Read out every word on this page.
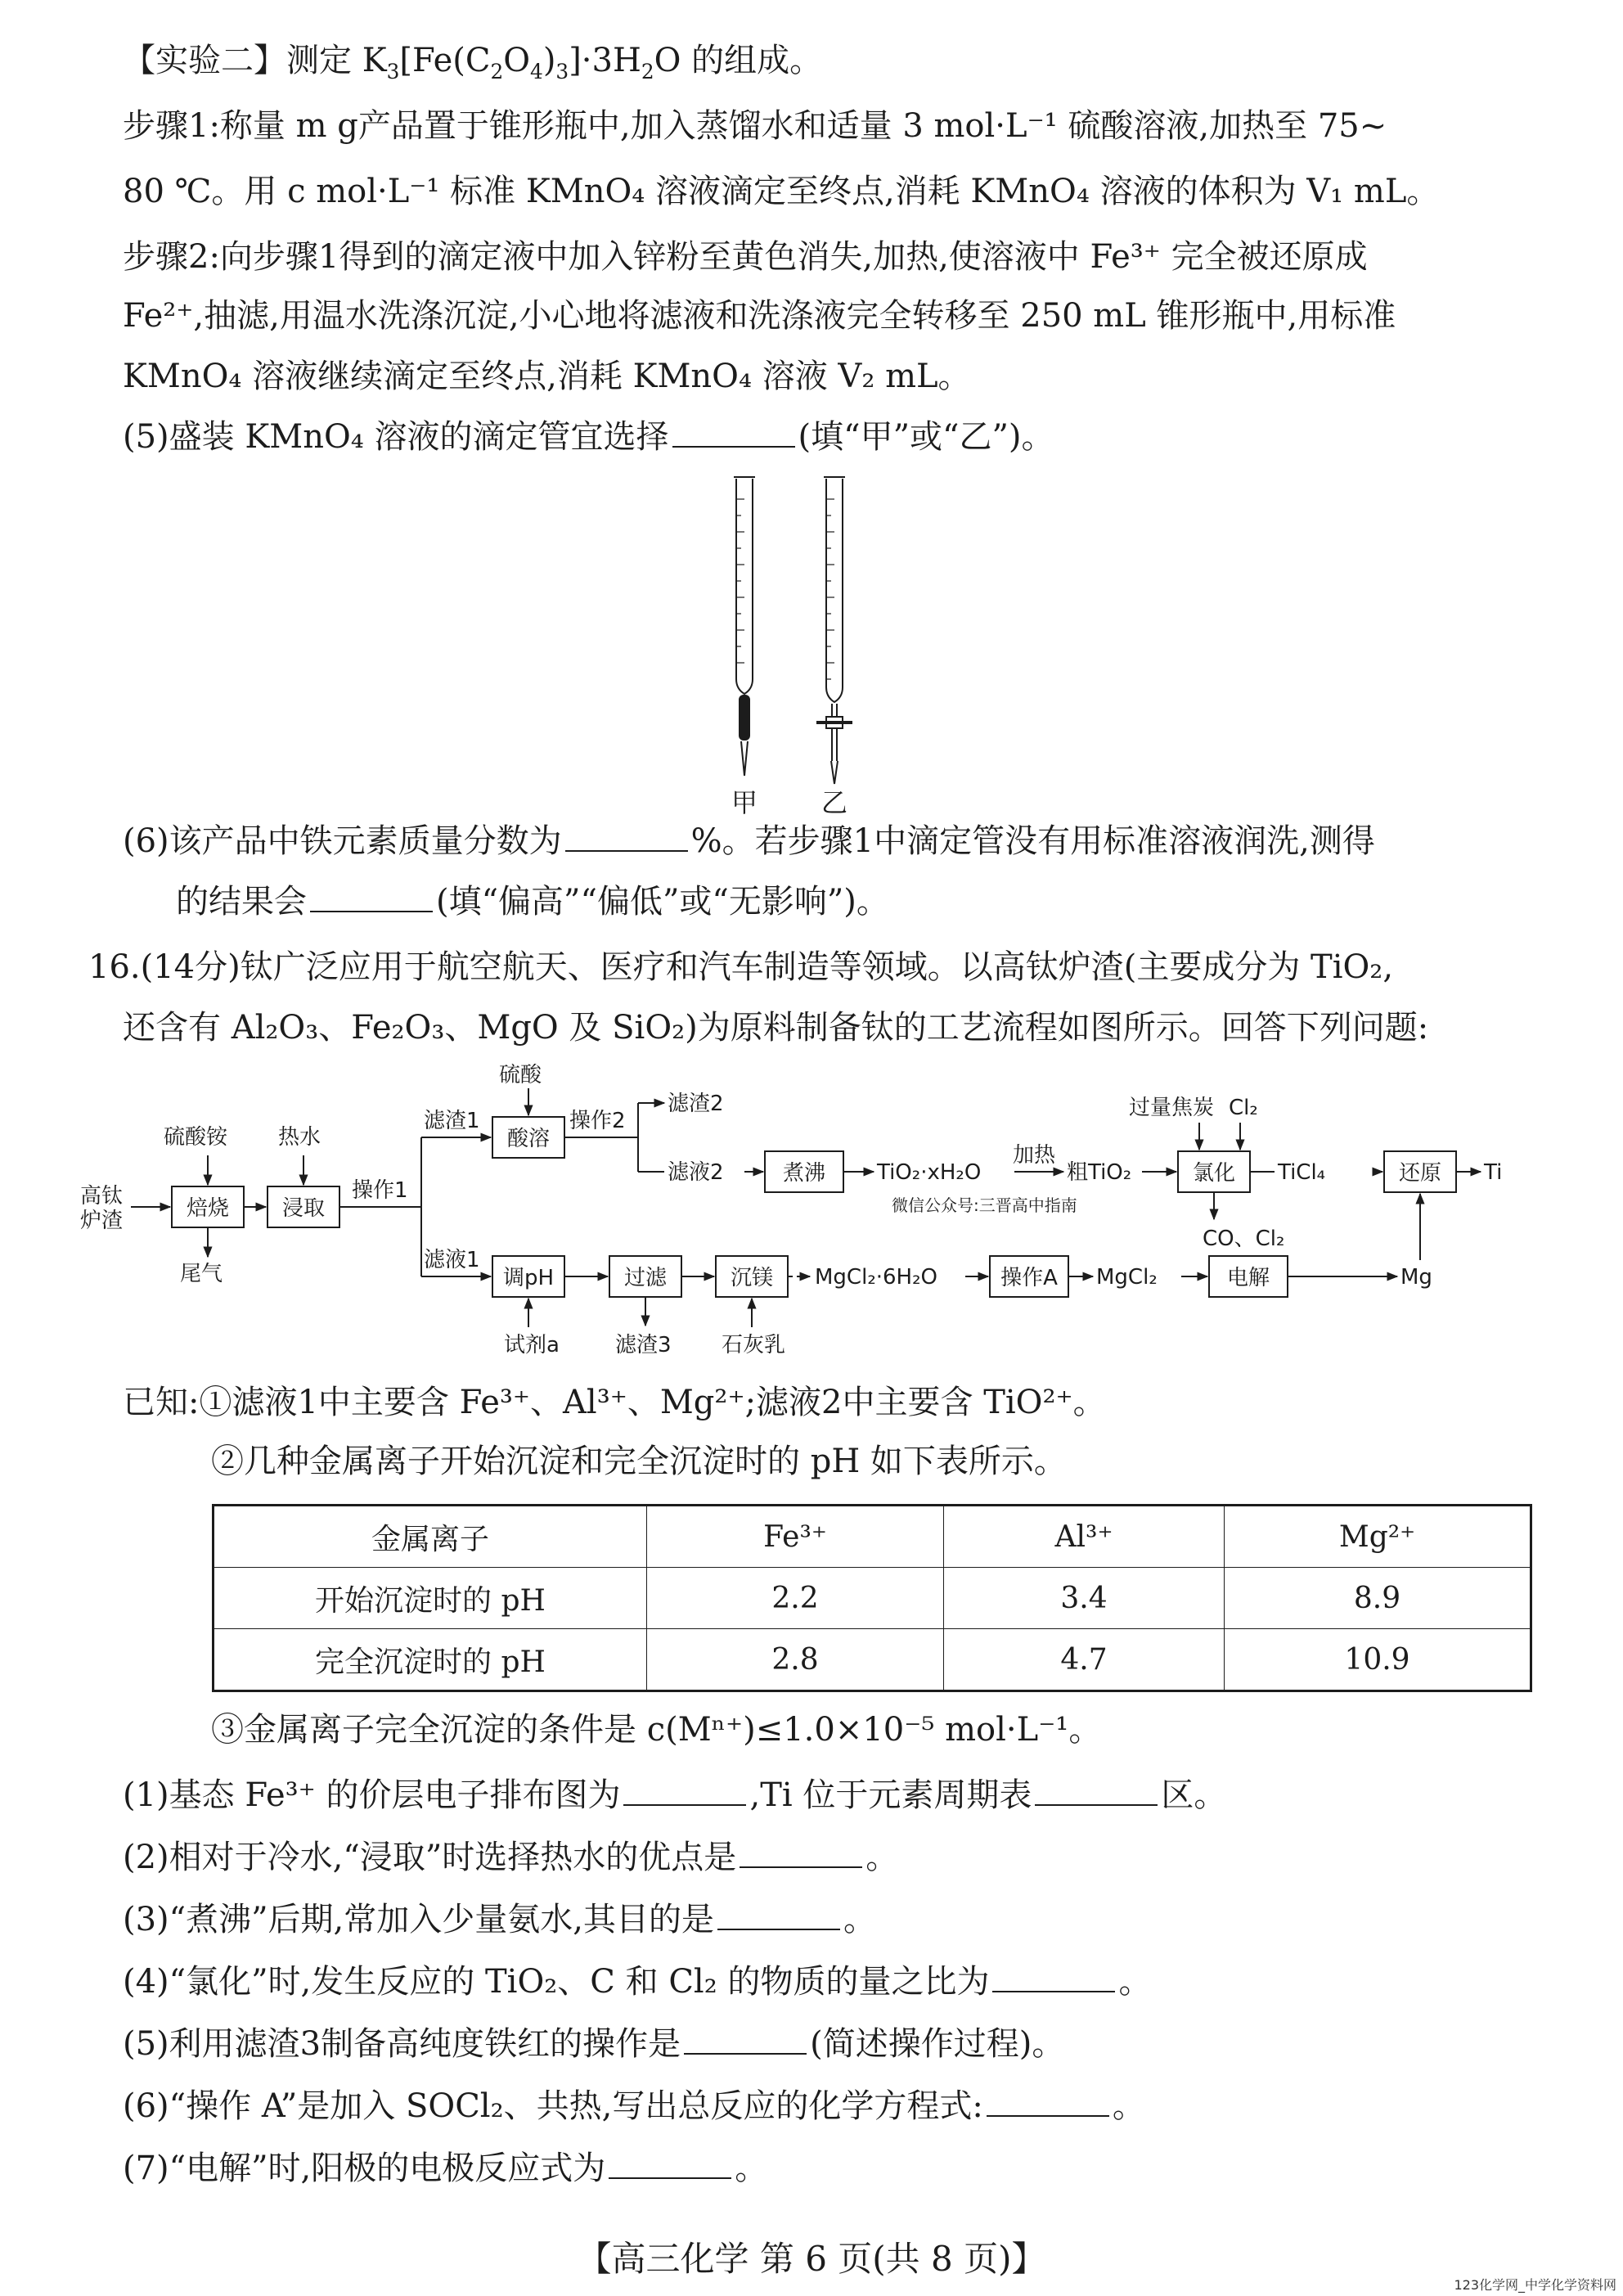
【实验二】测定 $K_3[Fe(C_2O_4)_3]\cdot 3H_2O$ 的组成。
步骤1:称量 m g产品置于锥形瓶中,加入蒸馏水和适量 3 mol·L⁻¹ 硫酸溶液,加热至 75~
80 ℃。用 c mol·L⁻¹ 标准 KMnO₄ 溶液滴定至终点,消耗 KMnO₄ 溶液的体积为 V₁ mL。
步骤2:向步骤1得到的滴定液中加入锌粉至黄色消失,加热,使溶液中 Fe³⁺ 完全被还原成
Fe²⁺,抽滤,用温水洗涤沉淀,小心地将滤液和洗涤液完全转移至 250 mL 锥形瓶中,用标准
KMnO₄ 溶液继续滴定至终点,消耗 KMnO₄ 溶液 V₂ mL。
(5)盛装 KMnO₄ 溶液的滴定管宜选择	(填“甲”或“乙”)。
甲 乙
(6)该产品中铁元素质量分数为	%。若步骤1中滴定管没有用标准溶液润洗,测得
的结果会	(填“偏高”“偏低”或“无影响”)。
16.(14分)钛广泛应用于航空航天、医疗和汽车制造等领域。以高钛炉渣(主要成分为 TiO₂,
还含有 Al₂O₃、Fe₂O₃、MgO 及 SiO₂)为原料制备钛的工艺流程如图所示。回答下列问题:
高钛
炉渣
硫酸铵 热水
焙烧 浸取
尾气
操作1
滤渣1
硫酸
酸溶
操作2
滤渣2
滤液2	煮沸 TiO₂·xH₂O
加热
粗TiO₂
微信公众号:三晋高中指南
过量焦炭 Cl₂
氯化 TiCl₄
CO、Cl₂
还原 Ti
滤液1
调pH
试剂a
过滤
滤渣3
沉镁
石灰乳
MgCl₂·6H₂O	操作A MgCl₂	电解	Mg
已知:①滤液1中主要含 Fe³⁺、Al³⁺、Mg²⁺;滤液2中主要含 TiO²⁺。
②几种金属离子开始沉淀和完全沉淀时的 pH 如下表所示。
金属离子	Fe³⁺	Al³⁺	Mg²⁺
开始沉淀时的 pH	2.2	3.4	8.9
完全沉淀时的 pH	2.8	4.7	10.9
③金属离子完全沉淀的条件是 c(Mⁿ⁺)≤1.0×10⁻⁵ mol·L⁻¹。
(1)基态 Fe³⁺ 的价层电子排布图为	,Ti 位于元素周期表	区。
(2)相对于冷水,“浸取”时选择热水的优点是	。
(3)“煮沸”后期,常加入少量氨水,其目的是	。
(4)“氯化”时,发生反应的 TiO₂、C 和 Cl₂ 的物质的量之比为	。
(5)利用滤渣3制备高纯度铁红的操作是	(简述操作过程)。
(6)“操作 A”是加入 SOCl₂、共热,写出总反应的化学方程式:	。
(7)“电解”时,阳极的电极反应式为	。
【高三化学 第 6 页(共 8 页)】
123化学网_中学化学资料网
